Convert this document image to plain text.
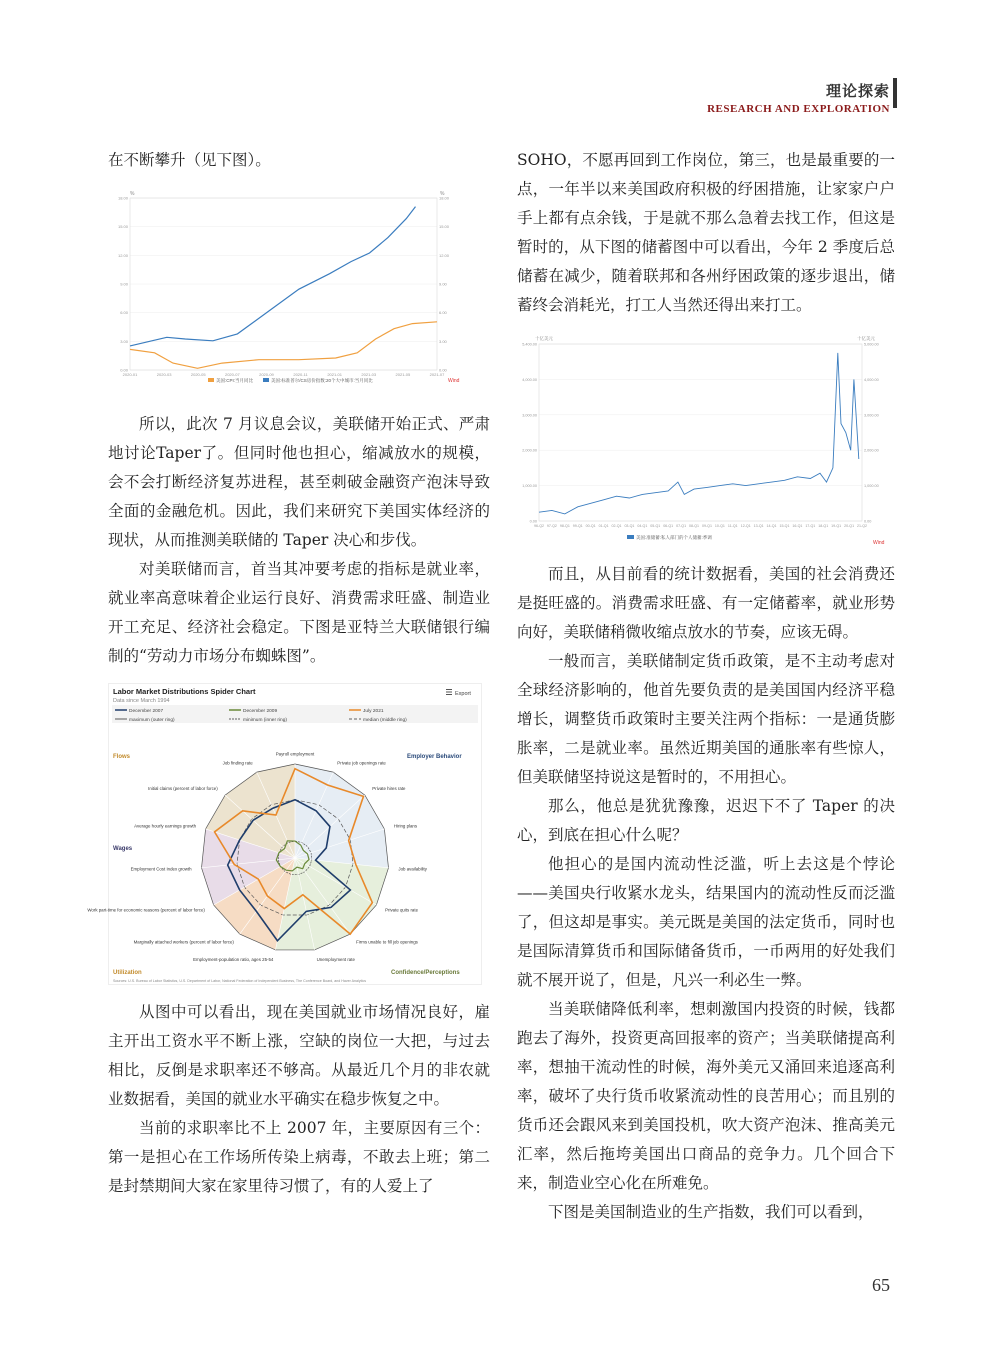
理论探索
RESEARCH AND EXPLORATION

在不断攀升（见下图）。

%	%
18.00
15.00
12.00
9.00
6.00
3.00
0.00
18.00
15.00
12.00
9.00
6.00
3.00
0.00
2020-01	2020-03	2020-05	2020-07	2020-09	2020-11	2021-01	2021-03	2021-05	2021-07
美国:CPI:当月同比	美国:标准普尔/CS房价指数:20个大中城市:当月同比	Wind

所以，此次 7 月议息会议，美联储开始正式、严肃地讨论Taper了。但同时他也担心，缩减放水的规模，会不会打断经济复苏进程，甚至刺破金融资产泡沫导致全面的金融危机。因此，我们来研究下美国实体经济的现状，从而推测美联储的 Taper 决心和步伐。

对美联储而言，首当其冲要考虑的指标是就业率，就业率高意味着企业运行良好、消费需求旺盛、制造业开工充足、经济社会稳定。下图是亚特兰大联储银行编制的“劳动力市场分布蜘蛛图”。

Labor Market Distributions Spider Chart
Data since March 1994
Export
December 2007	December 2009	July 2021
maximum (outer ring)	minimum (inner ring)	median (middle ring)
Flows	Employer Behavior
Wages
Utilization	Confidence/Perceptions
Payroll employment
Private job openings rate
Private hires rate
Hiring plans
Job availability
Private quits rate
Firms unable to fill job openings
Unemployment rate
Employment-population ratio, ages 25-54
Marginally attached workers (percent of labor force)
Work part-time for economic reasons (percent of labor force)
Employment Cost Index growth
Average hourly earnings growth
Initial claims (percent of labor force)
Job finding rate
Sources: U.S. Bureau of Labor Statistics, U.S. Department of Labor, National Federation of Independent Business, The Conference Board, and Haver Analytics

从图中可以看出，现在美国就业市场情况良好，雇主开出工资水平不断上涨，空缺的岗位一大把，与过去相比，反倒是求职率还不够高。从最近几个月的非农就业数据看，美国的就业水平确实在稳步恢复之中。

当前的求职率比不上 2007 年，主要原因有三个：第一是担心在工作场所传染上病毒，不敢去上班；第二是封禁期间大家在家里待习惯了，有的人爱上了

SOHO，不愿再回到工作岗位，第三，也是最重要的一点，一年半以来美国政府积极的纾困措施，让家家户户手上都有点余钱，于是就不那么急着去找工作，但这是暂时的，从下图的储蓄图中可以看出，今年 2 季度后总储蓄在减少，随着联邦和各州纾困政策的逐步退出，储蓄终会消耗光，打工人当然还得出来打工。

十亿美元	十亿美元
5,400.00
4,000.00
3,000.00
2,000.00
1,000.00
0.00
5,000.00
4,000.00
3,000.00
2,000.00
1,000.00
0.00
96-Q2 97-Q2 98-Q1 99-Q1 00-Q1 01-Q1 02-Q1 03-Q1 04-Q1 05-Q1 06-Q1 07-Q1 08-Q1 09-Q1 10-Q1 11-Q1 12-Q1 13-Q1 14-Q1 15-Q1 16-Q1 17-Q1 18-Q1 19-Q1 20-Q1 21-Q2
美国:准储蓄:私人部门的个人储蓄:季调
Wind

而且，从目前看的统计数据看，美国的社会消费还是挺旺盛的。消费需求旺盛、有一定储蓄率，就业形势向好，美联储稍微收缩点放水的节奏，应该无碍。

一般而言，美联储制定货币政策，是不主动考虑对全球经济影响的，他首先要负责的是美国国内经济平稳增长，调整货币政策时主要关注两个指标：一是通货膨胀率，二是就业率。虽然近期美国的通胀率有些惊人，但美联储坚持说这是暂时的，不用担心。

那么，他总是犹犹豫豫，迟迟下不了 Taper 的决心，到底在担心什么呢？

他担心的是国内流动性泛滥，听上去这是个悖论——美国央行收紧水龙头，结果国内的流动性反而泛滥了，但这却是事实。美元既是美国的法定货币，同时也是国际清算货币和国际储备货币，一币两用的好处我们就不展开说了，但是，凡兴一利必生一弊。

当美联储降低利率，想刺激国内投资的时候，钱都跑去了海外，投资更高回报率的资产；当美联储提高利率，想抽干流动性的时候，海外美元又涌回来追逐高利率，破坏了央行货币收紧流动性的良苦用心；而且别的货币还会跟风来到美国投机，吹大资产泡沫、推高美元汇率，然后拖垮美国出口商品的竞争力。几个回合下来，制造业空心化在所难免。

下图是美国制造业的生产指数，我们可以看到，

65
